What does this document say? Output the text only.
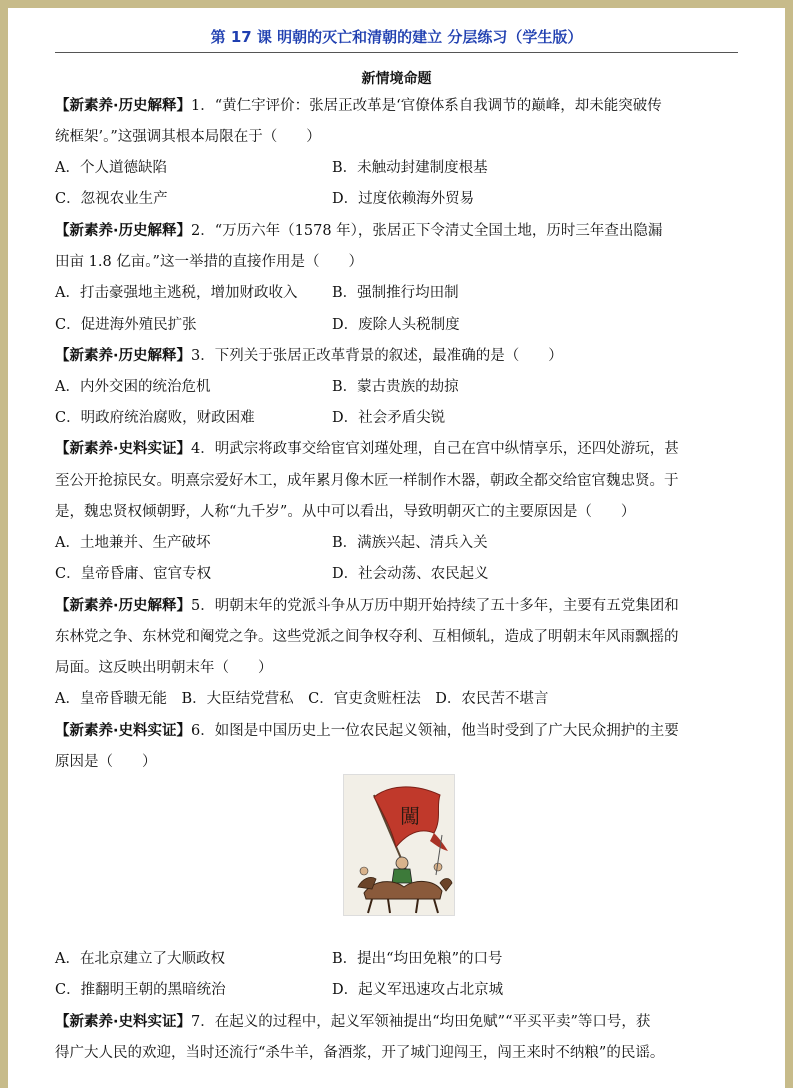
第 17 课 明朝的灭亡和清朝的建立 分层练习（学生版）
新情境命题
【新素养·历史解释】1．“黄仁宇评价：张居正改革是‘官僚体系自我调节的巅峰，却未能突破传
统框架’。”这强调其根本局限在于（　　）
A．个人道德缺陷	B．未触动封建制度根基
C．忽视农业生产	D．过度依赖海外贸易
【新素养·历史解释】2．“万历六年（1578 年），张居正下令清丈全国土地，历时三年查出隐漏
田亩 1.8 亿亩。”这一举措的直接作用是（　　）
A．打击豪强地主逃税，增加财政收入 B．强制推行均田制
C．促进海外殖民扩张	D．废除人头税制度
【新素养·历史解释】3．下列关于张居正改革背景的叙述，最准确的是（　　）
A．内外交困的统治危机	B．蒙古贵族的劫掠
C．明政府统治腐败，财政困难	D．社会矛盾尖锐
【新素养·史料实证】4．明武宗将政事交给宦官刘瑾处理，自己在宫中纵情享乐，还四处游玩，甚
至公开抢掠民女。明熹宗爱好木工，成年累月像木匠一样制作木器，朝政全都交给宦官魏忠贤。于
是，魏忠贤权倾朝野，人称“九千岁”。从中可以看出，导致明朝灭亡的主要原因是（　　）
A．土地兼并、生产破坏	B．满族兴起、清兵入关
C．皇帝昏庸、宦官专权	D．社会动荡、农民起义
【新素养·历史解释】5．明朝末年的党派斗争从万历中期开始持续了五十多年，主要有五党集团和
东林党之争、东林党和阉党之争。这些党派之间争权夺利、互相倾轧，造成了明朝末年风雨飘摇的
局面。这反映出明朝末年（　　）
A．皇帝昏聩无能　B．大臣结党营私　C．官吏贪赃枉法　D．农民苦不堪言
【新素养·史料实证】6．如图是中国历史上一位农民起义领袖，他当时受到了广大民众拥护的主要
原因是（　　）
闖
A．在北京建立了大顺政权	B．提出“均田免粮”的口号
C．推翻明王朝的黑暗统治	D．起义军迅速攻占北京城
【新素养·史料实证】7．在起义的过程中，起义军领袖提出“均田免赋”“平买平卖”等口号，获
得广大人民的欢迎，当时还流行“杀牛羊，备酒浆，开了城门迎闯王，闯王来时不纳粮”的民谣。
